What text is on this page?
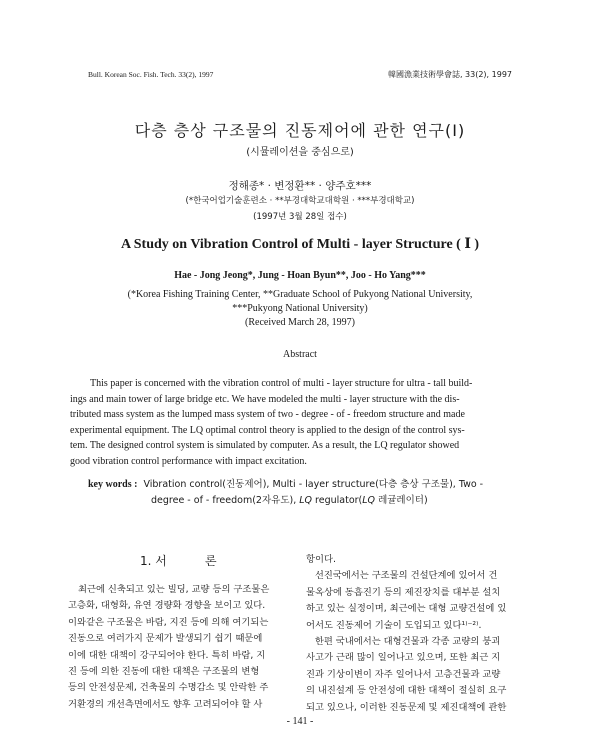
Bull. Korean Soc. Fish. Tech. 33(2), 1997	韓國漁業技術學會誌, 33(2), 1997
다층 층상 구조물의 진동제어에 관한 연구(Ⅰ)
(시뮬레이션을 중심으로)
정해종* · 변정환** · 양주호***
(*한국어업기술훈련소 · **부경대학교대학원 · ***부경대학교)
(1997년 3월 28일 접수)
A Study on Vibration Control of Multi - layer Structure ( Ⅰ )
Hae - Jong Jeong*, Jung - Hoan Byun**, Joo - Ho Yang***
(*Korea Fishing Training Center, **Graduate School of Pukyong National University,
***Pukyong National University)
(Received March 28, 1997)
Abstract
This paper is concerned with the vibration control of multi - layer structure for ultra - tall build-
ings and main tower of large bridge etc. We have modeled the multi - layer structure with the dis-
tributed mass system as the lumped mass system of two - degree - of - freedom structure and made
experimental equipment. The LQ optimal control theory is applied to the design of the control sys-
tem. The designed control system is simulated by computer. As a result, the LQ regulator showed
good vibration control performance with impact excitation.
key words : Vibration control(진동제어), Multi - layer structure(다층 층상 구조물), Two -
degree - of - freedom(2자유도), LQ regulator(LQ 레귤레이터)
1. 서          론
최근에 신축되고 있는 빌딩, 교량 등의 구조물은
고층화, 대형화, 유연 경량화 경향을 보이고 있다.
이와같은 구조물은 바람, 지진 등에 의해 여기되는
진동으로 여러가지 문제가 발생되기 쉽기 때문에
이에 대한 대책이 강구되어야 한다. 특히 바람, 지
진 등에 의한 진동에 대한 대책은 구조물의 변형
등의 안전성문제, 건축물의 수명감소 및 안락한 주
거환경의 개선측면에서도 향후 고려되어야 할 사
항이다.
선진국에서는 구조물의 건설단계에 있어서 건
물옥상에 동흡진기 등의 제진장치를 대부분 설치
하고 있는 실정이며, 최근에는 대형 교량건설에 있
어서도 진동제어 기술이 도입되고 있다¹⁾⁻²⁾.
한편 국내에서는 대형건물과 각종 교량의 붕괴
사고가 근래 많이 일어나고 있으며, 또한 최근 지
진과 기상이변이 자주 일어나서 고층건물과 교량
의 내진설계 등 안전성에 대한 대책이 절실히 요구
되고 있으나, 이러한 진동문제 및 제진대책에 관한
- 141 -
